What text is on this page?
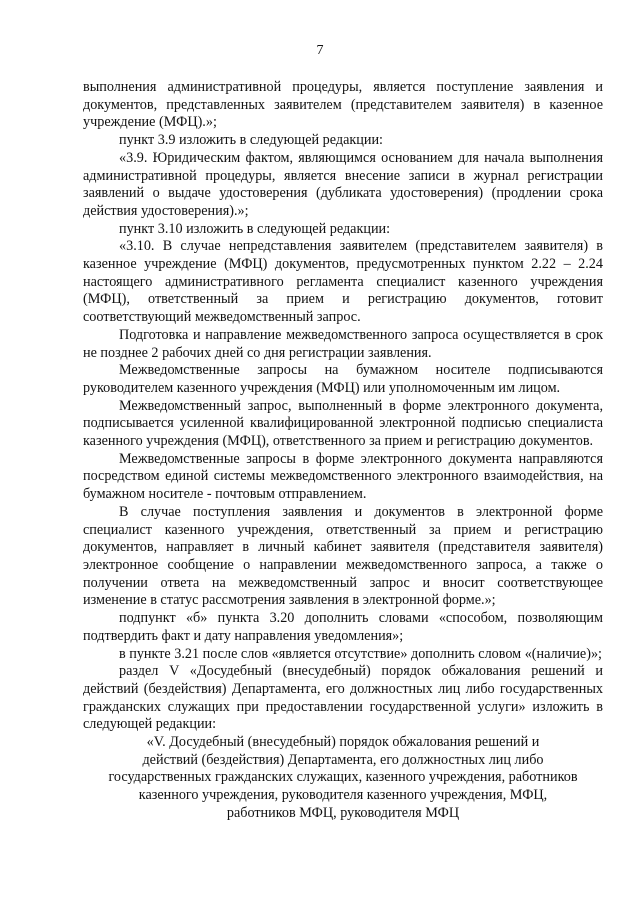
7

выполнения административной процедуры, является поступление заявления и документов, представленных заявителем (представителем заявителя) в казенное учреждение (МФЦ).»;

пункт 3.9 изложить в следующей редакции:

«3.9. Юридическим фактом, являющимся основанием для начала выполнения административной процедуры, является внесение записи в журнал регистрации заявлений о выдаче удостоверения (дубликата удостоверения) (продлении срока действия удостоверения).»;

пункт 3.10 изложить в следующей редакции:

«3.10. В случае непредставления заявителем (представителем заявителя) в казенное учреждение (МФЦ) документов, предусмотренных пунктом 2.22 – 2.24 настоящего административного регламента специалист казенного учреждения (МФЦ), ответственный за прием и регистрацию документов, готовит соответствующий межведомственный запрос.

Подготовка и направление межведомственного запроса осуществляется в срок не позднее 2 рабочих дней со дня регистрации заявления.

Межведомственные запросы на бумажном носителе подписываются руководителем казенного учреждения (МФЦ) или уполномоченным им лицом.

Межведомственный запрос, выполненный в форме электронного документа, подписывается усиленной квалифицированной электронной подписью специалиста казенного учреждения (МФЦ), ответственного за прием и регистрацию документов.

Межведомственные запросы в форме электронного документа направляются посредством единой системы межведомственного электронного взаимодействия, на бумажном носителе - почтовым отправлением.

В случае поступления заявления и документов в электронной форме специалист казенного учреждения, ответственный за прием и регистрацию документов, направляет в личный кабинет заявителя (представителя заявителя) электронное сообщение о направлении межведомственного запроса, а также о получении ответа на межведомственный запрос и вносит соответствующее изменение в статус рассмотрения заявления в электронной форме.»;

подпункт «б» пункта 3.20 дополнить словами «способом, позволяющим подтвердить факт и дату направления уведомления»;

в пункте 3.21 после слов «является отсутствие» дополнить словом «(наличие)»;

раздел V «Досудебный (внесудебный) порядок обжалования решений и действий (бездействия) Департамента, его должностных лиц либо государственных гражданских служащих при предоставлении государственной услуги» изложить в следующей редакции:

«V. Досудебный (внесудебный) порядок обжалования решений и

действий (бездействия) Департамента, его должностных лиц либо

государственных гражданских служащих, казенного учреждения, работников

казенного учреждения, руководителя казенного учреждения, МФЦ,

работников МФЦ, руководителя МФЦ
